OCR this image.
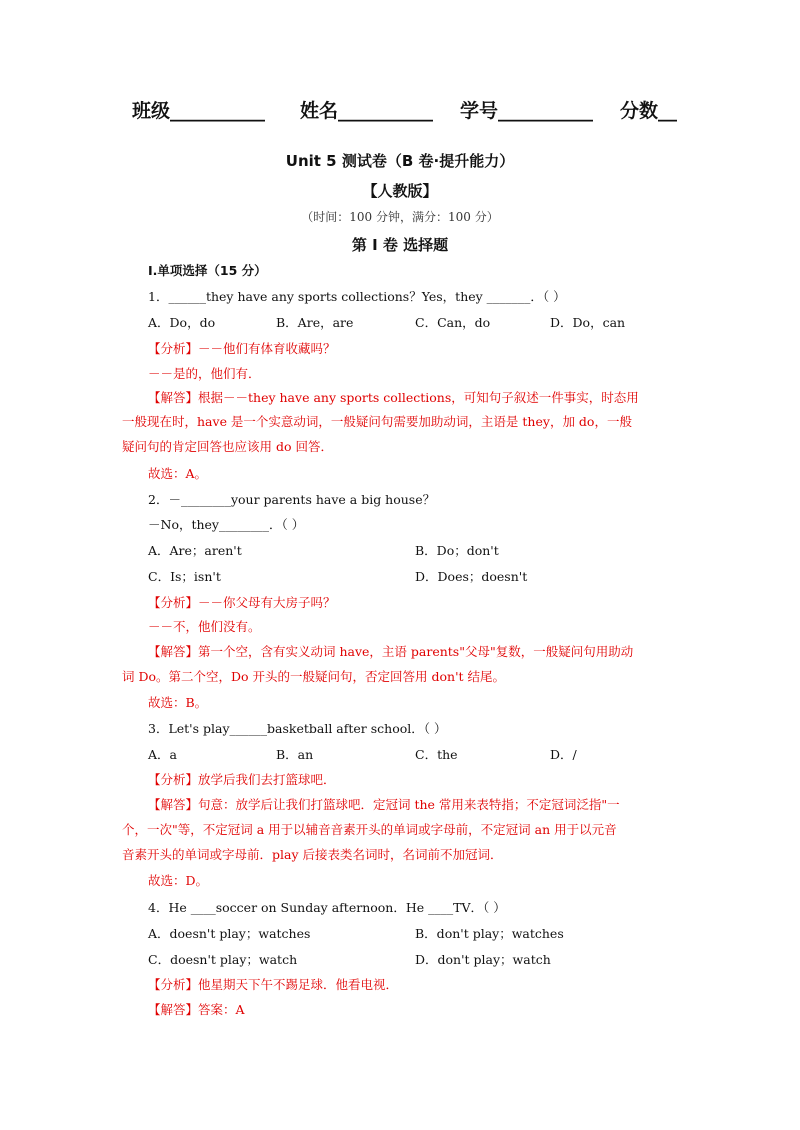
班级__________ 姓名__________ 学号__________ 分数__
Unit 5 测试卷（B 卷·提升能力）
【人教版】
（时间：100 分钟，满分：100 分）
第 Ⅰ 卷 选择题
Ⅰ.单项选择（15 分）
1．______they have any sports collections？Yes，they _______．（ ）
A．Do，do	B．Are，are	C．Can，do	D．Do，can
【分析】－－他们有体育收藏吗？
－－是的，他们有．
【解答】根据－－they have any sports collections，可知句子叙述一件事实，时态用
一般现在时，have 是一个实意动词，一般疑问句需要加助动词，主语是 they，加 do，一般
疑问句的肯定回答也应该用 do 回答．
故选：A。
2．－________your parents have a big house？
－No，they________．（ ）
A．Are；aren't	B．Do；don't
C．Is；isn't	D．Does；doesn't
【分析】－－你父母有大房子吗？
－－不，他们没有。
【解答】第一个空，含有实义动词 have，主语 parents"父母"复数，一般疑问句用助动
词 Do。第二个空，Do 开头的一般疑问句，否定回答用 don't 结尾。
故选：B。
3．Let's play______basketball after school．（ ）
A．a	B．an	C．the	D．/
【分析】放学后我们去打篮球吧．
【解答】句意：放学后让我们打篮球吧．定冠词 the 常用来表特指；不定冠词泛指"一
个，一次"等，不定冠词 a 用于以辅音音素开头的单词或字母前，不定冠词 an 用于以元音
音素开头的单词或字母前．play 后接表类名词时，名词前不加冠词．
故选：D。
4．He ____soccer on Sunday afternoon．He ____TV．（ ）
A．doesn't play；watches	B．don't play；watches
C．doesn't play；watch	D．don't play；watch
【分析】他星期天下午不踢足球．他看电视．
【解答】答案：A
